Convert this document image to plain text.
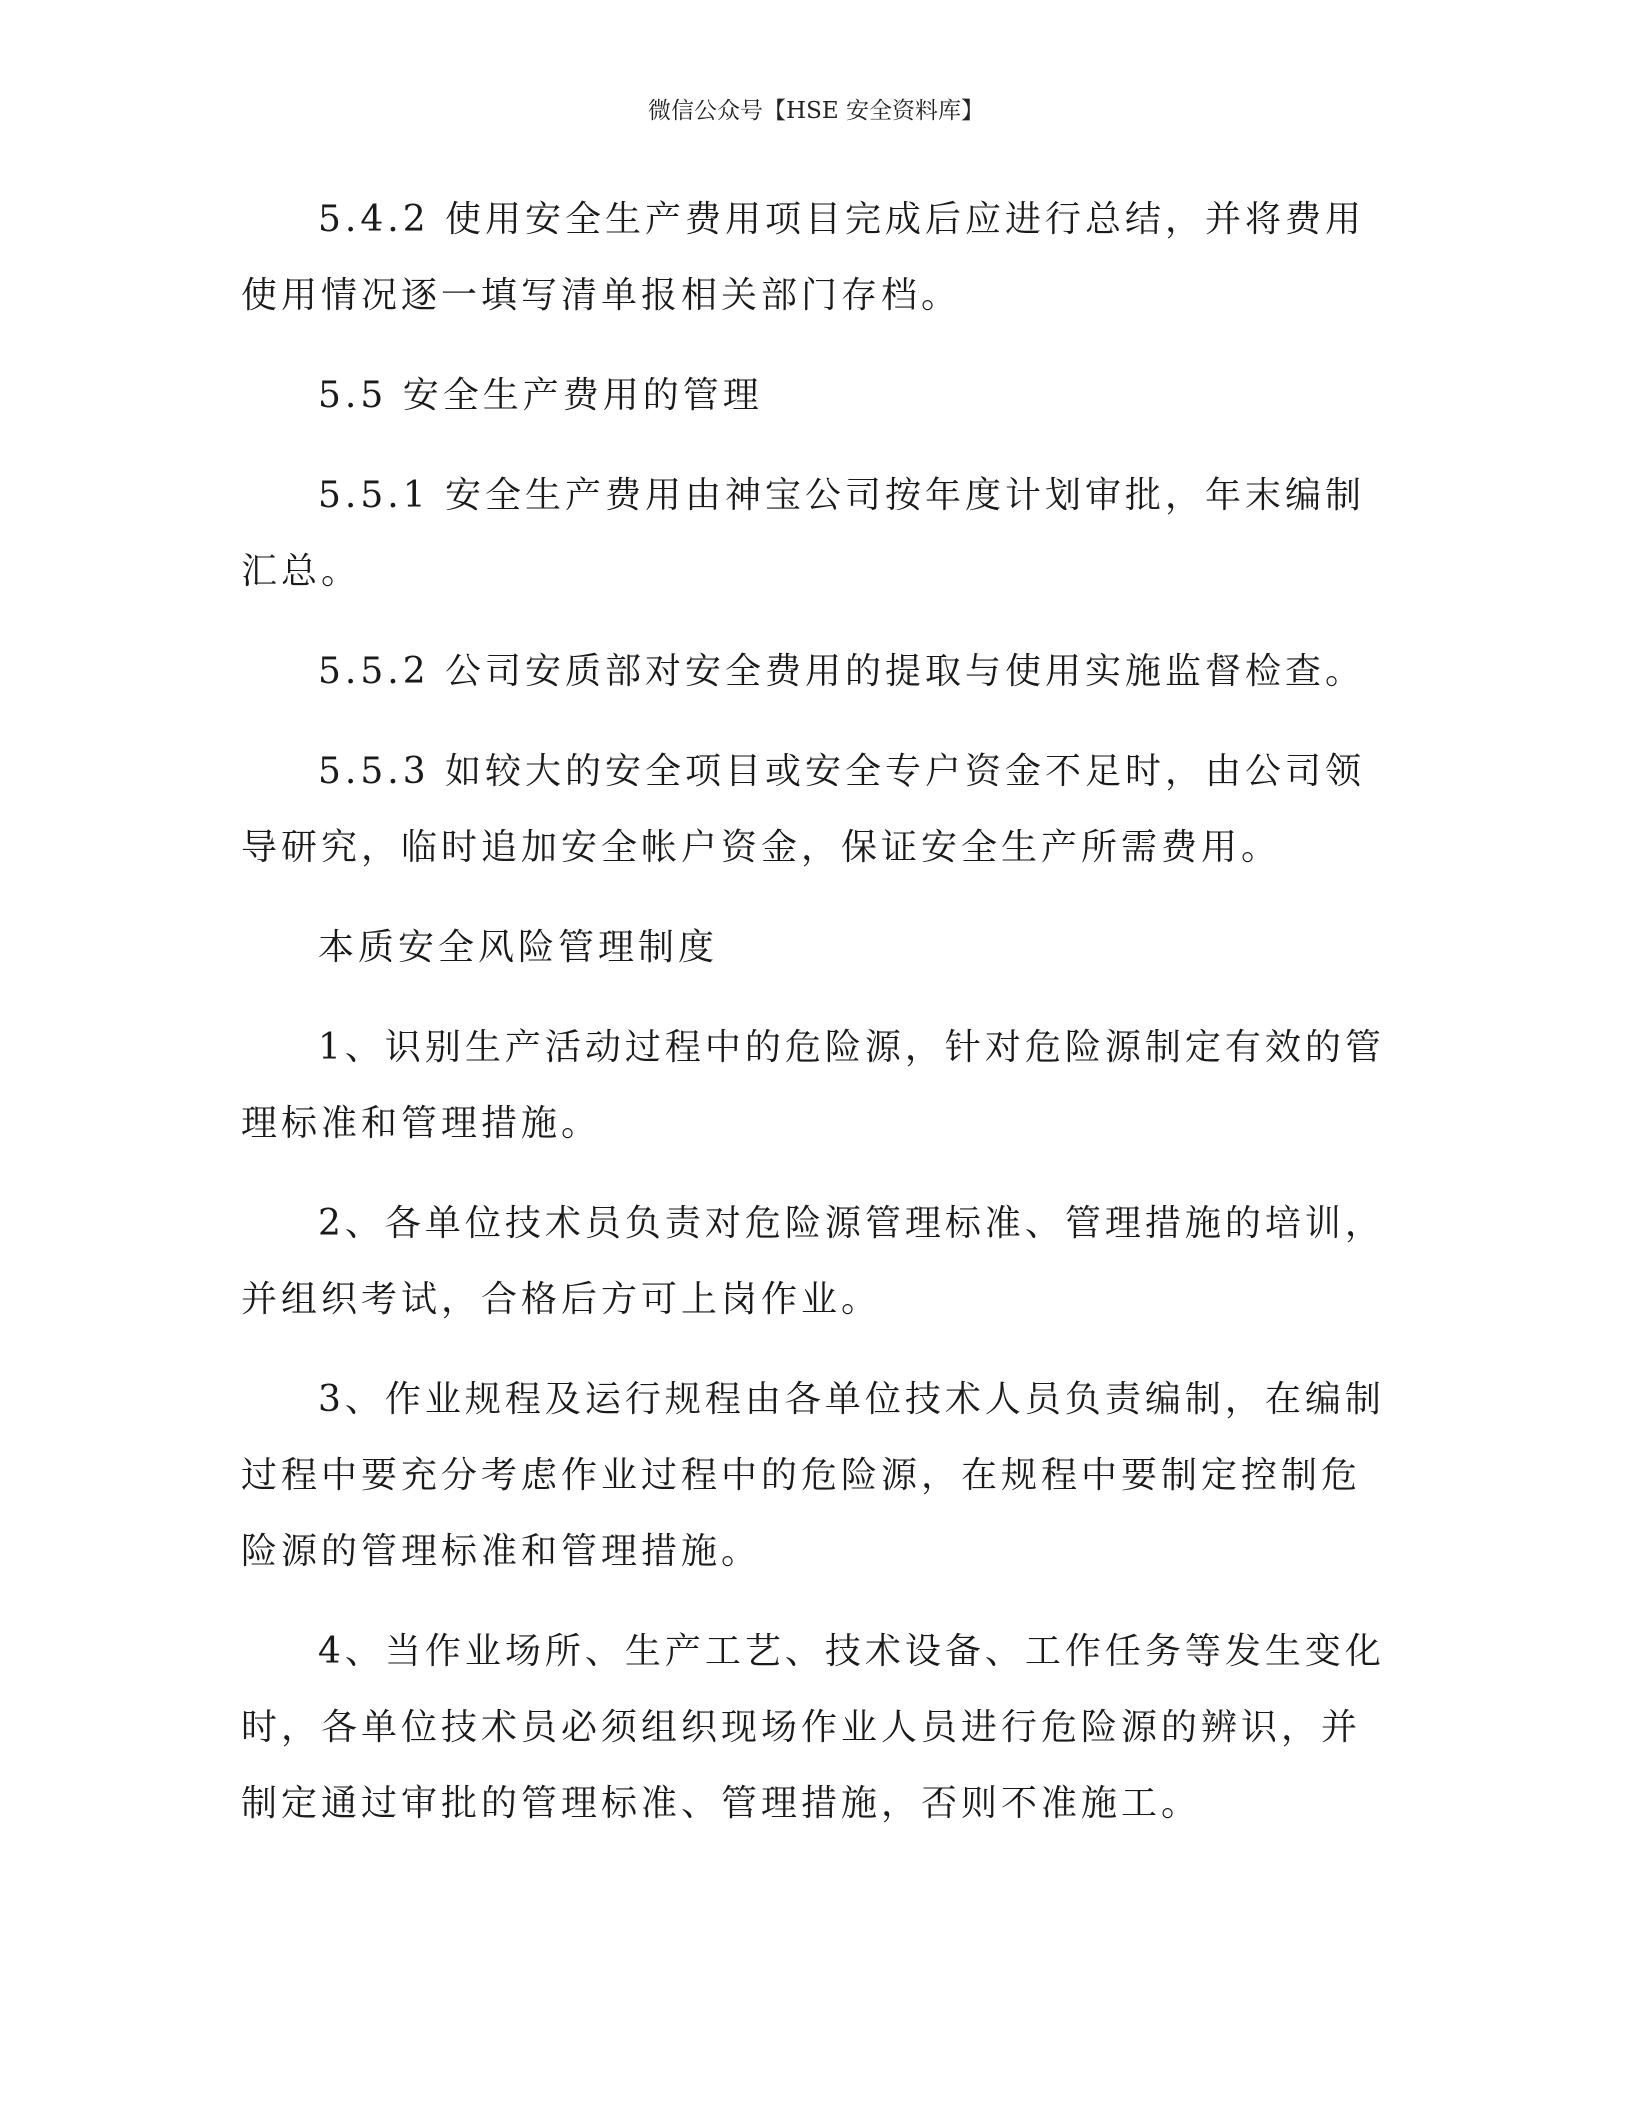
微信公众号【HSE 安全资料库】

5.4.2 使用安全生产费用项目完成后应进行总结，并将费用使用情况逐一填写清单报相关部门存档。

5.5 安全生产费用的管理

5.5.1 安全生产费用由神宝公司按年度计划审批，年末编制汇总。

5.5.2 公司安质部对安全费用的提取与使用实施监督检查。

5.5.3 如较大的安全项目或安全专户资金不足时，由公司领导研究，临时追加安全帐户资金，保证安全生产所需费用。

本质安全风险管理制度

1、识别生产活动过程中的危险源，针对危险源制定有效的管理标准和管理措施。

2、各单位技术员负责对危险源管理标准、管理措施的培训，并组织考试，合格后方可上岗作业。

3、作业规程及运行规程由各单位技术人员负责编制，在编制过程中要充分考虑作业过程中的危险源，在规程中要制定控制危险源的管理标准和管理措施。

4、当作业场所、生产工艺、技术设备、工作任务等发生变化时，各单位技术员必须组织现场作业人员进行危险源的辨识，并制定通过审批的管理标准、管理措施，否则不准施工。
